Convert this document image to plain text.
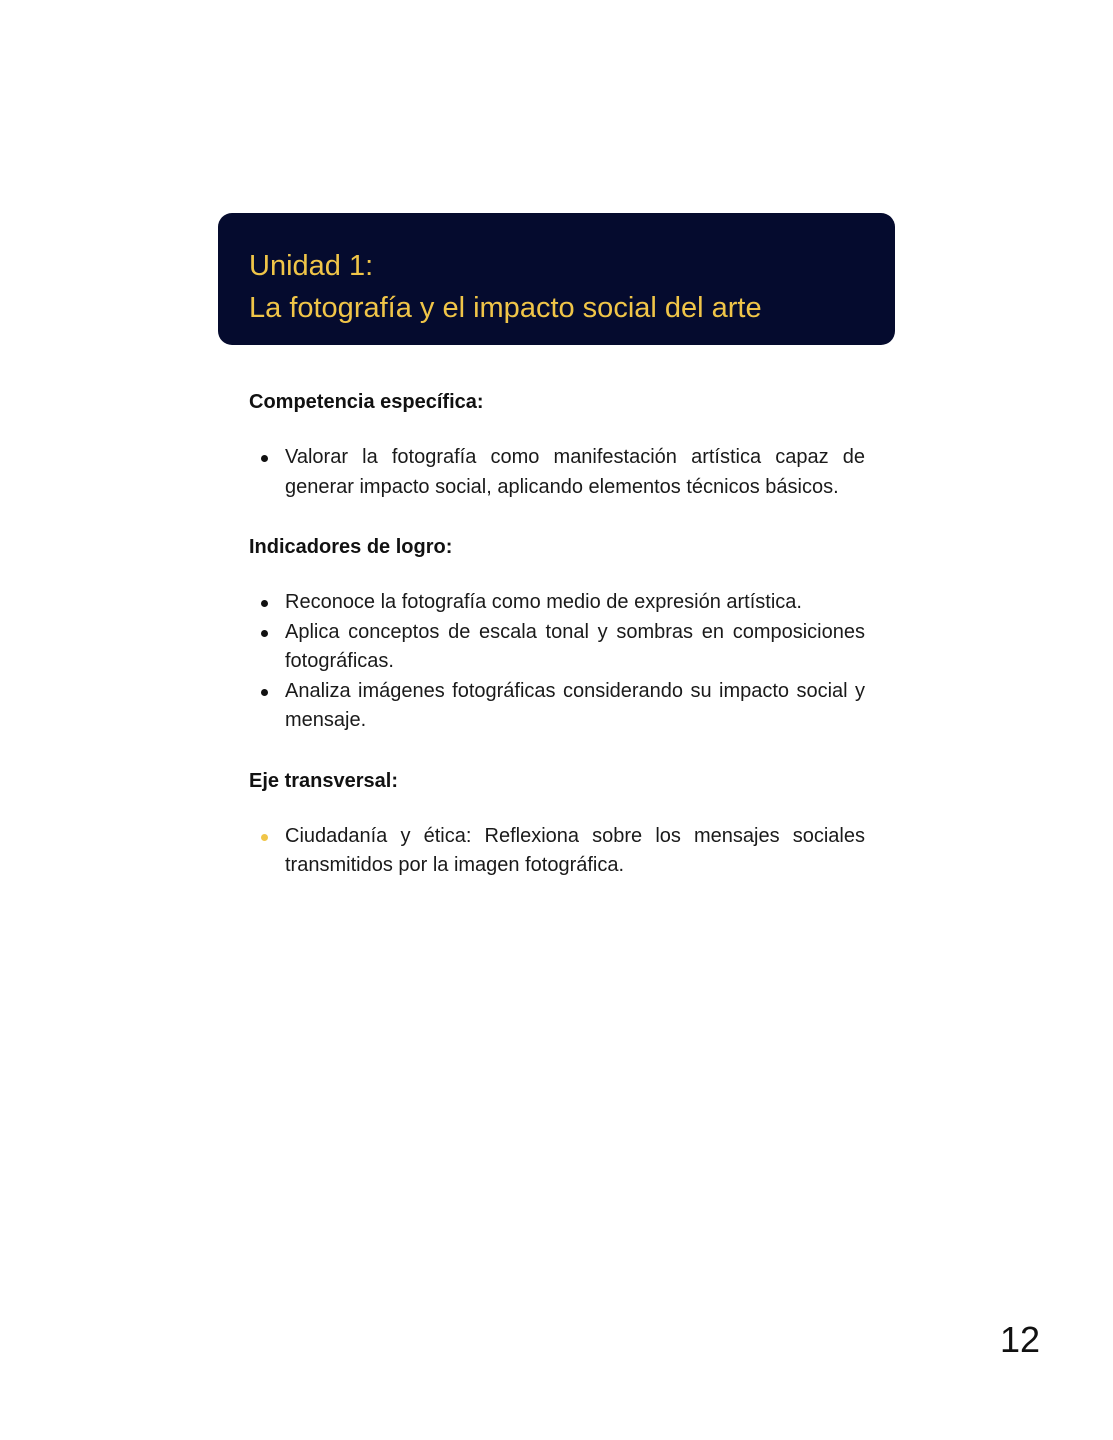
Unidad 1:
La fotografía y el impacto social del arte
Competencia específica:
Valorar la fotografía como manifestación artística capaz de generar impacto social, aplicando elementos técnicos básicos.
Indicadores de logro:
Reconoce la fotografía como medio de expresión artística.
Aplica conceptos de escala tonal y sombras en composiciones fotográficas.
Analiza imágenes fotográficas considerando su impacto social y mensaje.
Eje transversal:
Ciudadanía y ética: Reflexiona sobre los mensajes sociales transmitidos por la imagen fotográfica.
12
